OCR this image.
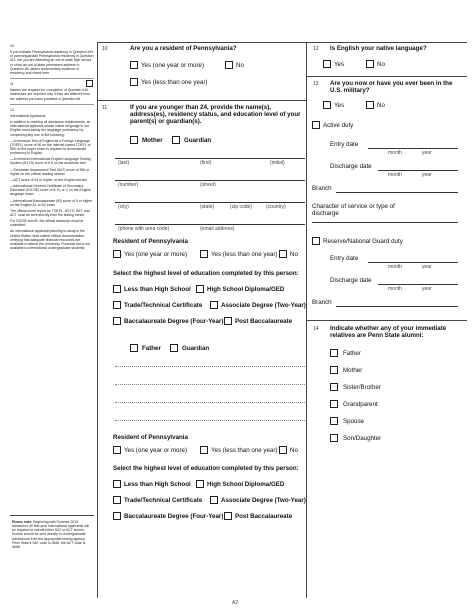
10

If you indicate Pennsylvania residency in Question #10 or parent/guardian Pennsylvania residency in Question #11, but you are attending an out-of-state high school or show an out-of-state permanent address in Question #6, attach documentary evidence of residency and check here

11

Names are required for completion of Question #10. Addresses are required only if they are different from the address you have provided in Question #6.

12

International Applicants

In addition to meeting all admission requirements, an international applicant whose native language is not English must satisfy the language proficiency by completing any one of the following:

—A minimum Test of English as a Foreign Language (TOEFL) score of 80 on the Internet-based TOEFL or 550 on the paper exam is required to demonstrate proficiency in English

—A minimum International English Language Testing System (IELTS) score of 6.5 on the academic test

—Scholastic Assessment Test (SAT) score of 550 or higher on the critical reading section

—ACT score of 24 or higher on the English section

—International General Certificate of Secondary Education (IGCSE) score of A, B, or C on the English language exam

—International Baccalaureate (IB) score of 5 or higher on the English A1 or A2 exam

The official score report for TOEFL, IELTS, SAT, and ACT must be sent directly from the testing center.

For IGCSE and IB, the official transcript must be submitted.

An international applicant planning to study in the United States must submit official documentation verifying that adequate financial resources are available to attend the University. Financial aid is not available to international undergraduate students.

Please note: Beginning with Summer 2015 admission, all first-year international applicants will be required to submit either SAT or ACT scores. Scores should be sent directly to Undergraduate Admissions from the appropriate testing agency. Penn State's SAT code is 2660; the ACT code is 3656.
10	Are you a resident of Pennsylvania?
Yes (one year or more)	No
Yes (less than one year)
11	If you are younger than 24, provide the name(s), address(es), residency status, and education level of your parent(s) or guardian(s).
Mother	Guardian
(last)	(first)	(initial)
(number)	(street)
(city)	(state)	(zip code)	(country)
(phone with area code)	(email address)
Resident of Pennsylvania
Yes (one year or more)	Yes (less than one year) No
Select the highest level of education completed by this person:
Less than High School	High School Diploma/GED
Trade/Technical Certificate	Associate Degree (Two-Year)
Baccalaureate Degree (Four-Year) Post Baccalaureate
Father	Guardian
Resident of Pennsylvania
Yes (one year or more)	Yes (less than one year) No
Select the highest level of education completed by this person:
Less than High School	High School Diploma/GED
Trade/Technical Certificate	Associate Degree (Two-Year)
Baccalaureate Degree (Four-Year) Post Baccalaureate
12 Is English your native language?
Yes	No
13 Are you now or have you ever been in the U.S. military?
Yes	No
Active duty
Entry date
month	year
Discharge date
month	year
Branch
Character of service or type of discharge
Reserve/National Guard duty
Entry date
month	year
Discharge date
month	year
Branch
14 Indicate whether any of your immediate relatives are Penn State alumni:
Father
Mother
Sister/Brother
Grandparent
Spouse
Son/Daughter
A2
